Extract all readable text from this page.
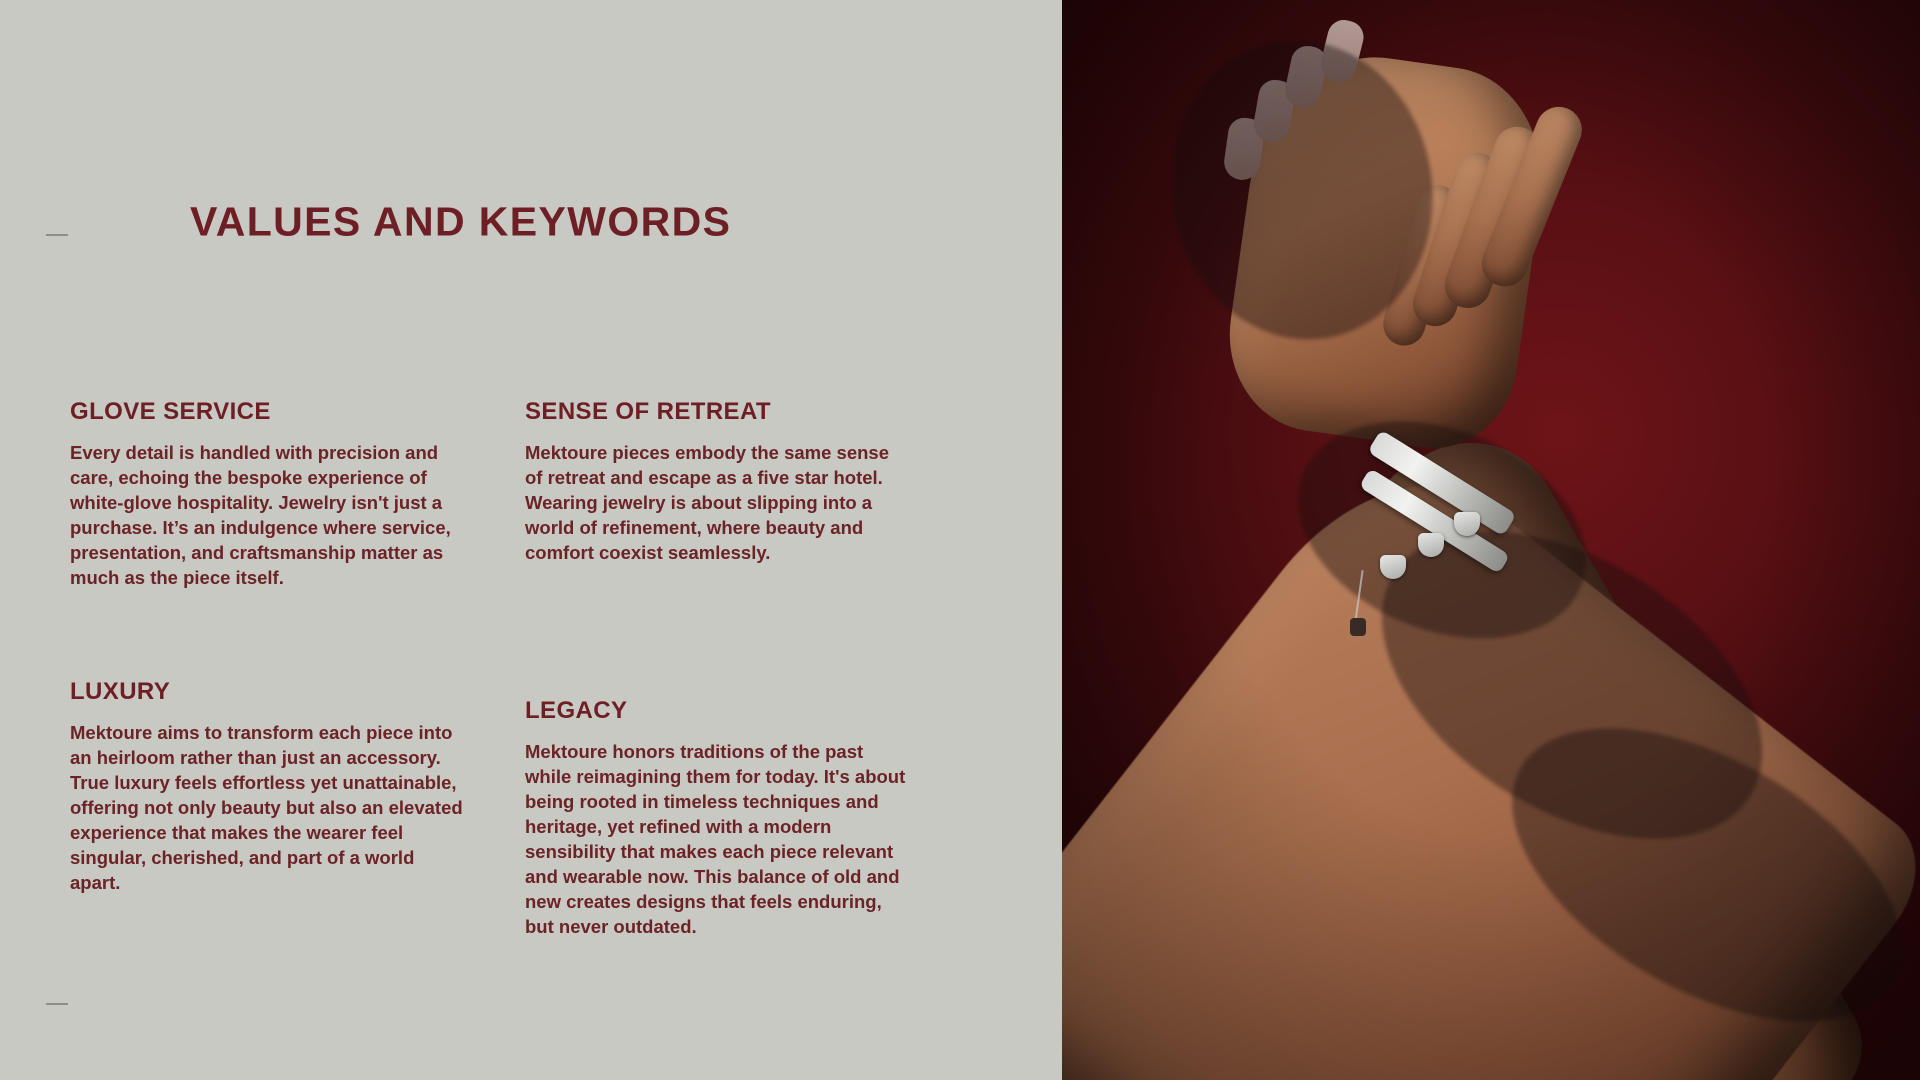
VALUES AND KEYWORDS
GLOVE SERVICE

Every detail is handled with precision and care, echoing the bespoke experience of white-glove hospitality. Jewelry isn't just a purchase. It’s an indulgence where service, presentation, and craftsmanship matter as much as the piece itself.

LUXURY

Mektoure aims to transform each piece into an heirloom rather than just an accessory. True luxury feels effortless yet unattainable, offering not only beauty but also an elevated experience that makes the wearer feel singular, cherished, and part of a world apart.

SENSE OF RETREAT

Mektoure pieces embody the same sense of retreat and escape as a five star hotel. Wearing jewelry is about slipping into a world of refinement, where beauty and comfort coexist seamlessly.

LEGACY

Mektoure honors traditions of the past while reimagining them for today. It's about being rooted in timeless techniques and heritage, yet refined with a modern sensibility that makes each piece relevant and wearable now. This balance of old and new creates designs that feels enduring, but never outdated.
